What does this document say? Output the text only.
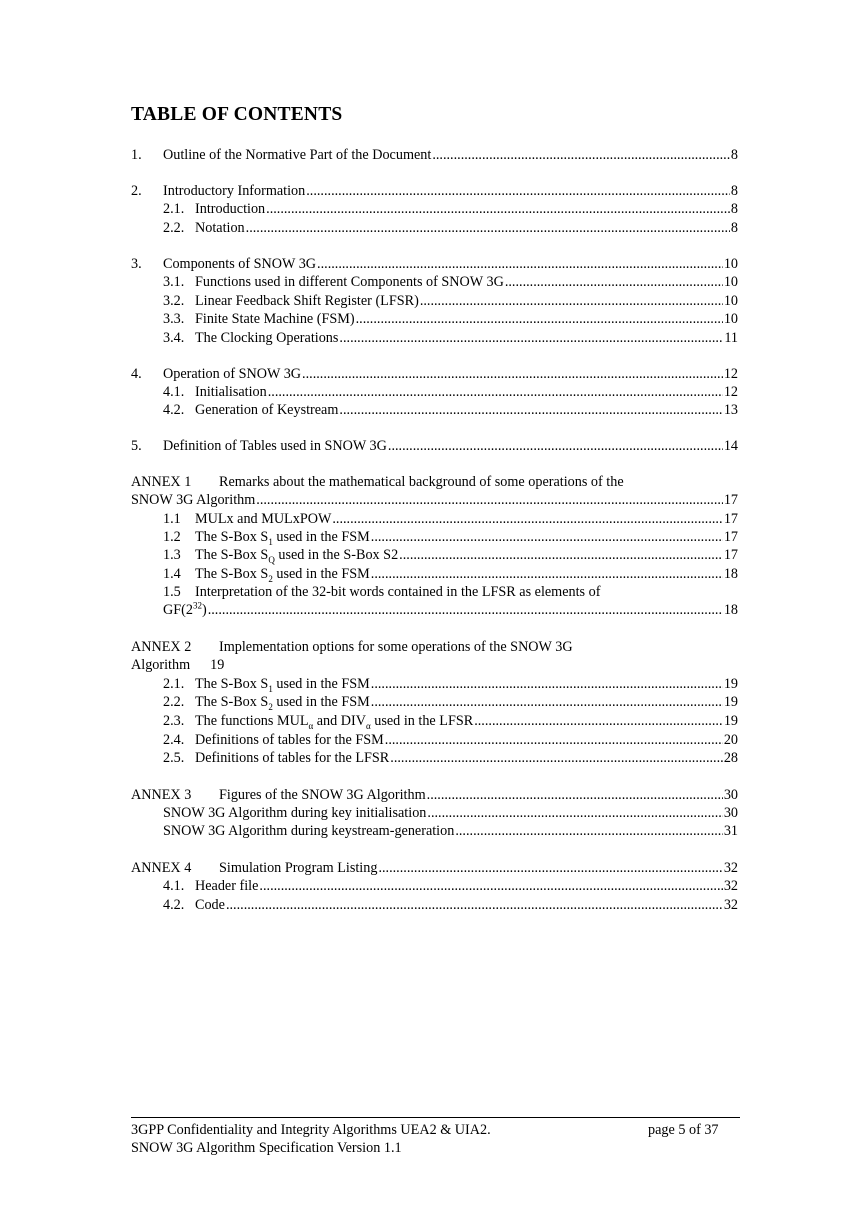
TABLE OF CONTENTS
1.	Outline of the Normative Part of the Document .....	8
2.	Introductory Information .....	8
2.1. Introduction .....	8
2.2. Notation .....	8
3.	Components of SNOW 3G .....	10
3.1. Functions used in different Components of SNOW 3G .....	10
3.2. Linear Feedback Shift Register (LFSR) .....	10
3.3. Finite State Machine (FSM) .....	10
3.4. The Clocking Operations .....	11
4.	Operation of SNOW 3G .....	12
4.1. Initialisation .....	12
4.2. Generation of Keystream .....	13
5.	Definition of Tables used in SNOW 3G .....	14
ANNEX 1	Remarks about the mathematical background of some operations of the
SNOW 3G Algorithm .....	17
1.1	MULx and MULxPOW .....	17
1.2	The S-Box $S_1$ used in the FSM .....	17
1.3	The S-Box $S_Q$ used in the S-Box S2 .....	17
1.4	The S-Box $S_2$ used in the FSM .....	18
1.5	Interpretation of the 32-bit words contained in the LFSR as elements of
$GF(2^{32})$ .....	18
ANNEX 2	Implementation options for some operations of the SNOW 3G
Algorithm 19
2.1. The S-Box $S_1$ used in the FSM .....	19
2.2. The S-Box $S_2$ used in the FSM .....	19
2.3. The functions $MUL_\alpha$ and $DIV_\alpha$ used in the LFSR .....	19
2.4. Definitions of tables for the FSM .....	20
2.5. Definitions of tables for the LFSR .....	28
ANNEX 3	Figures of the SNOW 3G Algorithm .....	30
SNOW 3G Algorithm during key initialisation .....	30
SNOW 3G Algorithm during keystream-generation .....	31
ANNEX 4	Simulation Program Listing .....	32
4.1. Header file .....	32
4.2. Code .....	32
3GPP Confidentiality and Integrity Algorithms UEA2 & UIA2.
SNOW 3G Algorithm Specification Version 1.1
page 5 of 37
